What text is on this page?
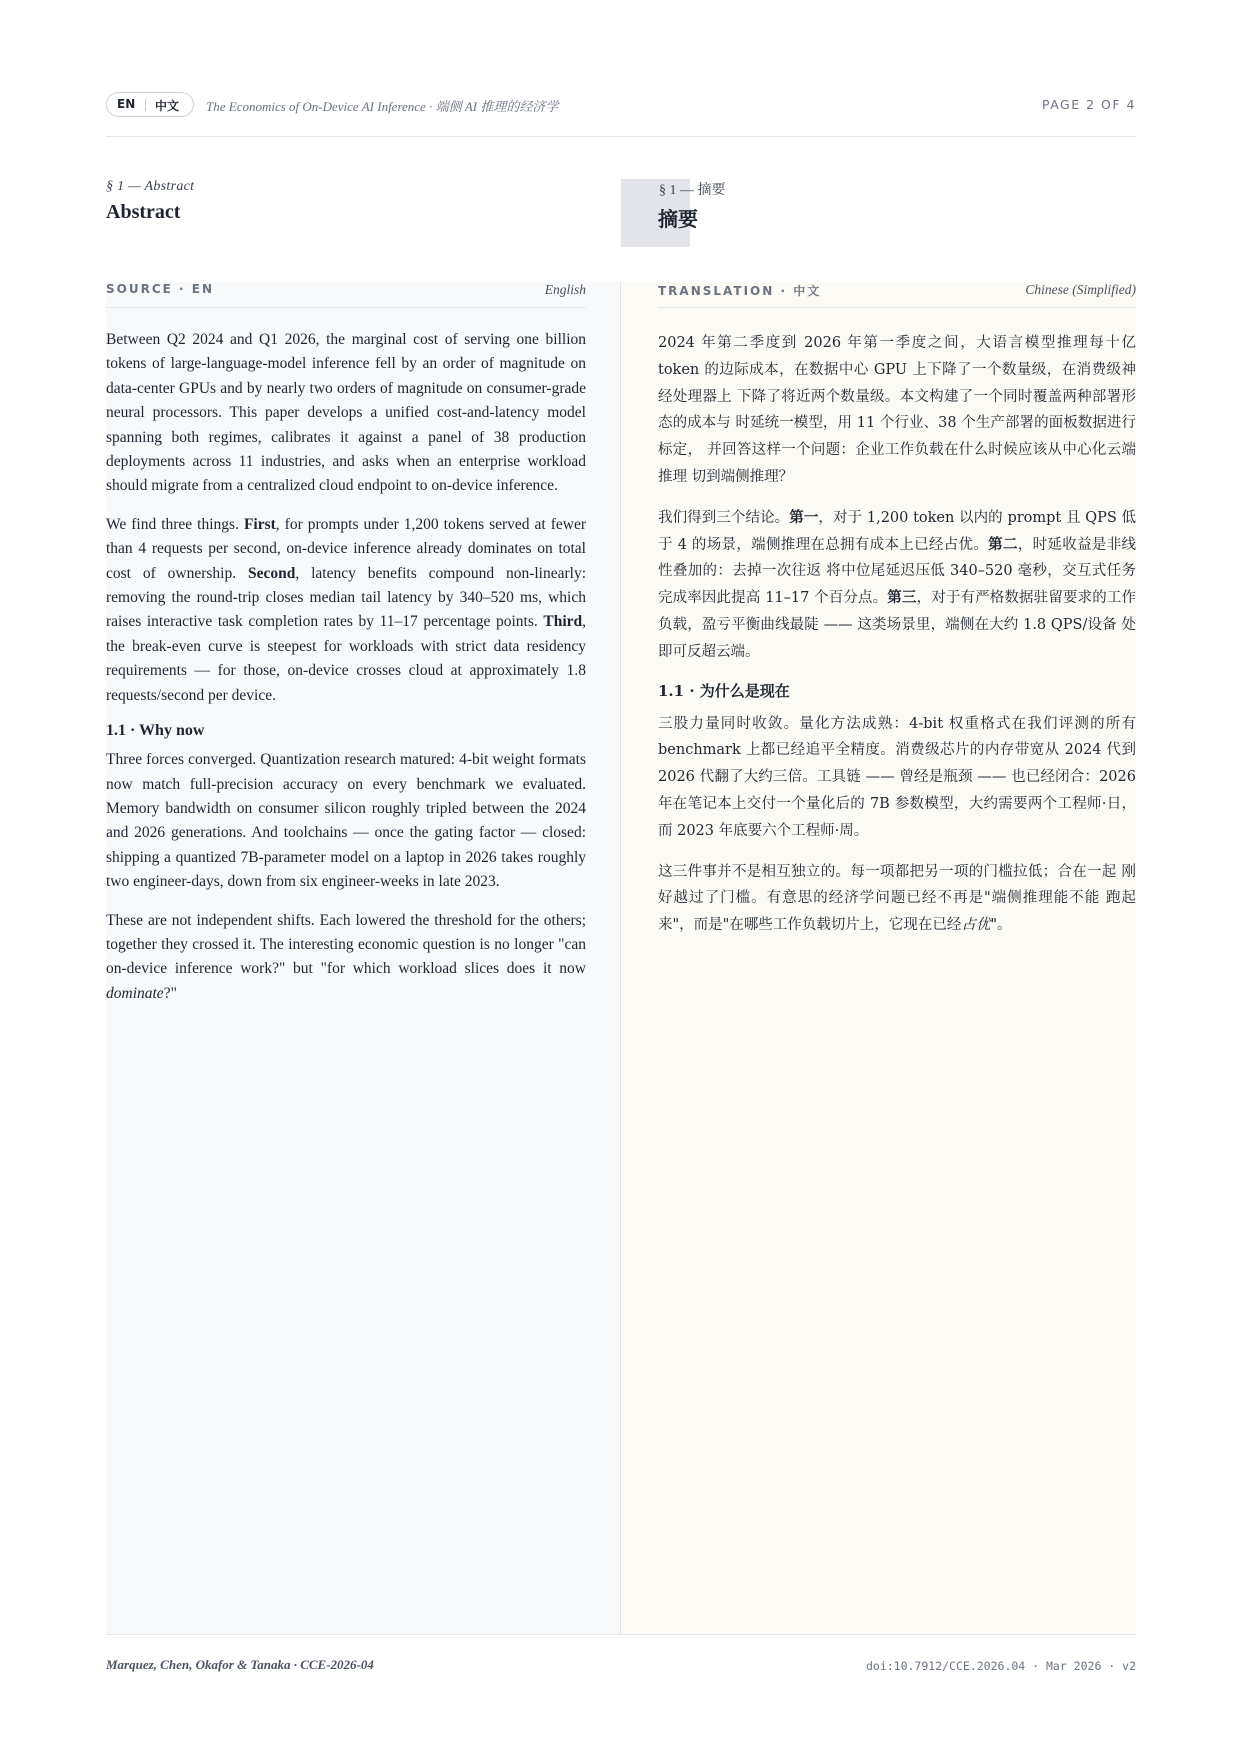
EN 中文 The Economics of On-Device AI Inference · 端侧 AI 推理的经济学	PAGE 2 OF 4
§ 1 — Abstract
Abstract
§ 1 — 摘要
摘要
SOURCE · EN	English	TRANSLATION · 中文	Chinese (Simplified)

Between Q2 2024 and Q1 2026, the marginal cost of serving one billion tokens of large-language-model inference fell by an order of magnitude on data-center GPUs and by nearly two orders of magnitude on consumer-grade neural processors. This paper develops a unified cost-and-latency model spanning both regimes, calibrates it against a panel of 38 production deployments across 11 industries, and asks when an enterprise workload should migrate from a centralized cloud endpoint to on-device inference.

We find three things. First, for prompts under 1,200 tokens served at fewer than 4 requests per second, on-device inference already dominates on total cost of ownership. Second, latency benefits compound non-linearly: removing the round-trip closes median tail latency by 340–520 ms, which raises interactive task completion rates by 11–17 percentage points. Third, the break-even curve is steepest for workloads with strict data residency requirements — for those, on-device crosses cloud at approximately 1.8 requests/second per device.

1.1 · Why now

Three forces converged. Quantization research matured: 4-bit weight formats now match full-precision accuracy on every benchmark we evaluated. Memory bandwidth on consumer silicon roughly tripled between the 2024 and 2026 generations. And toolchains — once the gating factor — closed: shipping a quantized 7B-parameter model on a laptop in 2026 takes roughly two engineer-days, down from six engineer-weeks in late 2023.

These are not independent shifts. Each lowered the threshold for the others; together they crossed it. The interesting economic question is no longer "can on-device inference work?" but "for which workload slices does it now dominate?"

2024 年第二季度到 2026 年第一季度之间，大语言模型推理每十亿 token 的边际成本，在数据中心 GPU 上下降了一个数量级，在消费级神经处理器上 下降了将近两个数量级。本文构建了一个同时覆盖两种部署形态的成本与 时延统一模型，用 11 个行业、38 个生产部署的面板数据进行标定， 并回答这样一个问题：企业工作负载在什么时候应该从中心化云端推理 切到端侧推理？

我们得到三个结论。第一，对于 1,200 token 以内的 prompt 且 QPS 低于 4 的场景，端侧推理在总拥有成本上已经占优。第二，时延收益是非线性叠加的：去掉一次往返 将中位尾延迟压低 340–520 毫秒，交互式任务完成率因此提高 11–17 个百分点。第三，对于有严格数据驻留要求的工作 负载，盈亏平衡曲线最陡 —— 这类场景里，端侧在大约 1.8 QPS/设备 处即可反超云端。

1.1 · 为什么是现在

三股力量同时收敛。量化方法成熟：4-bit 权重格式在我们评测的所有 benchmark 上都已经追平全精度。消费级芯片的内存带宽从 2024 代到 2026 代翻了大约三倍。工具链 —— 曾经是瓶颈 —— 也已经闭合：2026 年在笔记本上交付一个量化后的 7B 参数模型，大约需要两个工程师·日， 而 2023 年底要六个工程师·周。

这三件事并不是相互独立的。每一项都把另一项的门槛拉低；合在一起 刚好越过了门槛。有意思的经济学问题已经不再是"端侧推理能不能 跑起来"，而是"在哪些工作负载切片上，它现在已经占优"。

Marquez, Chen, Okafor & Tanaka · CCE-2026-04	doi:10.7912/CCE.2026.04 · Mar 2026 · v2
